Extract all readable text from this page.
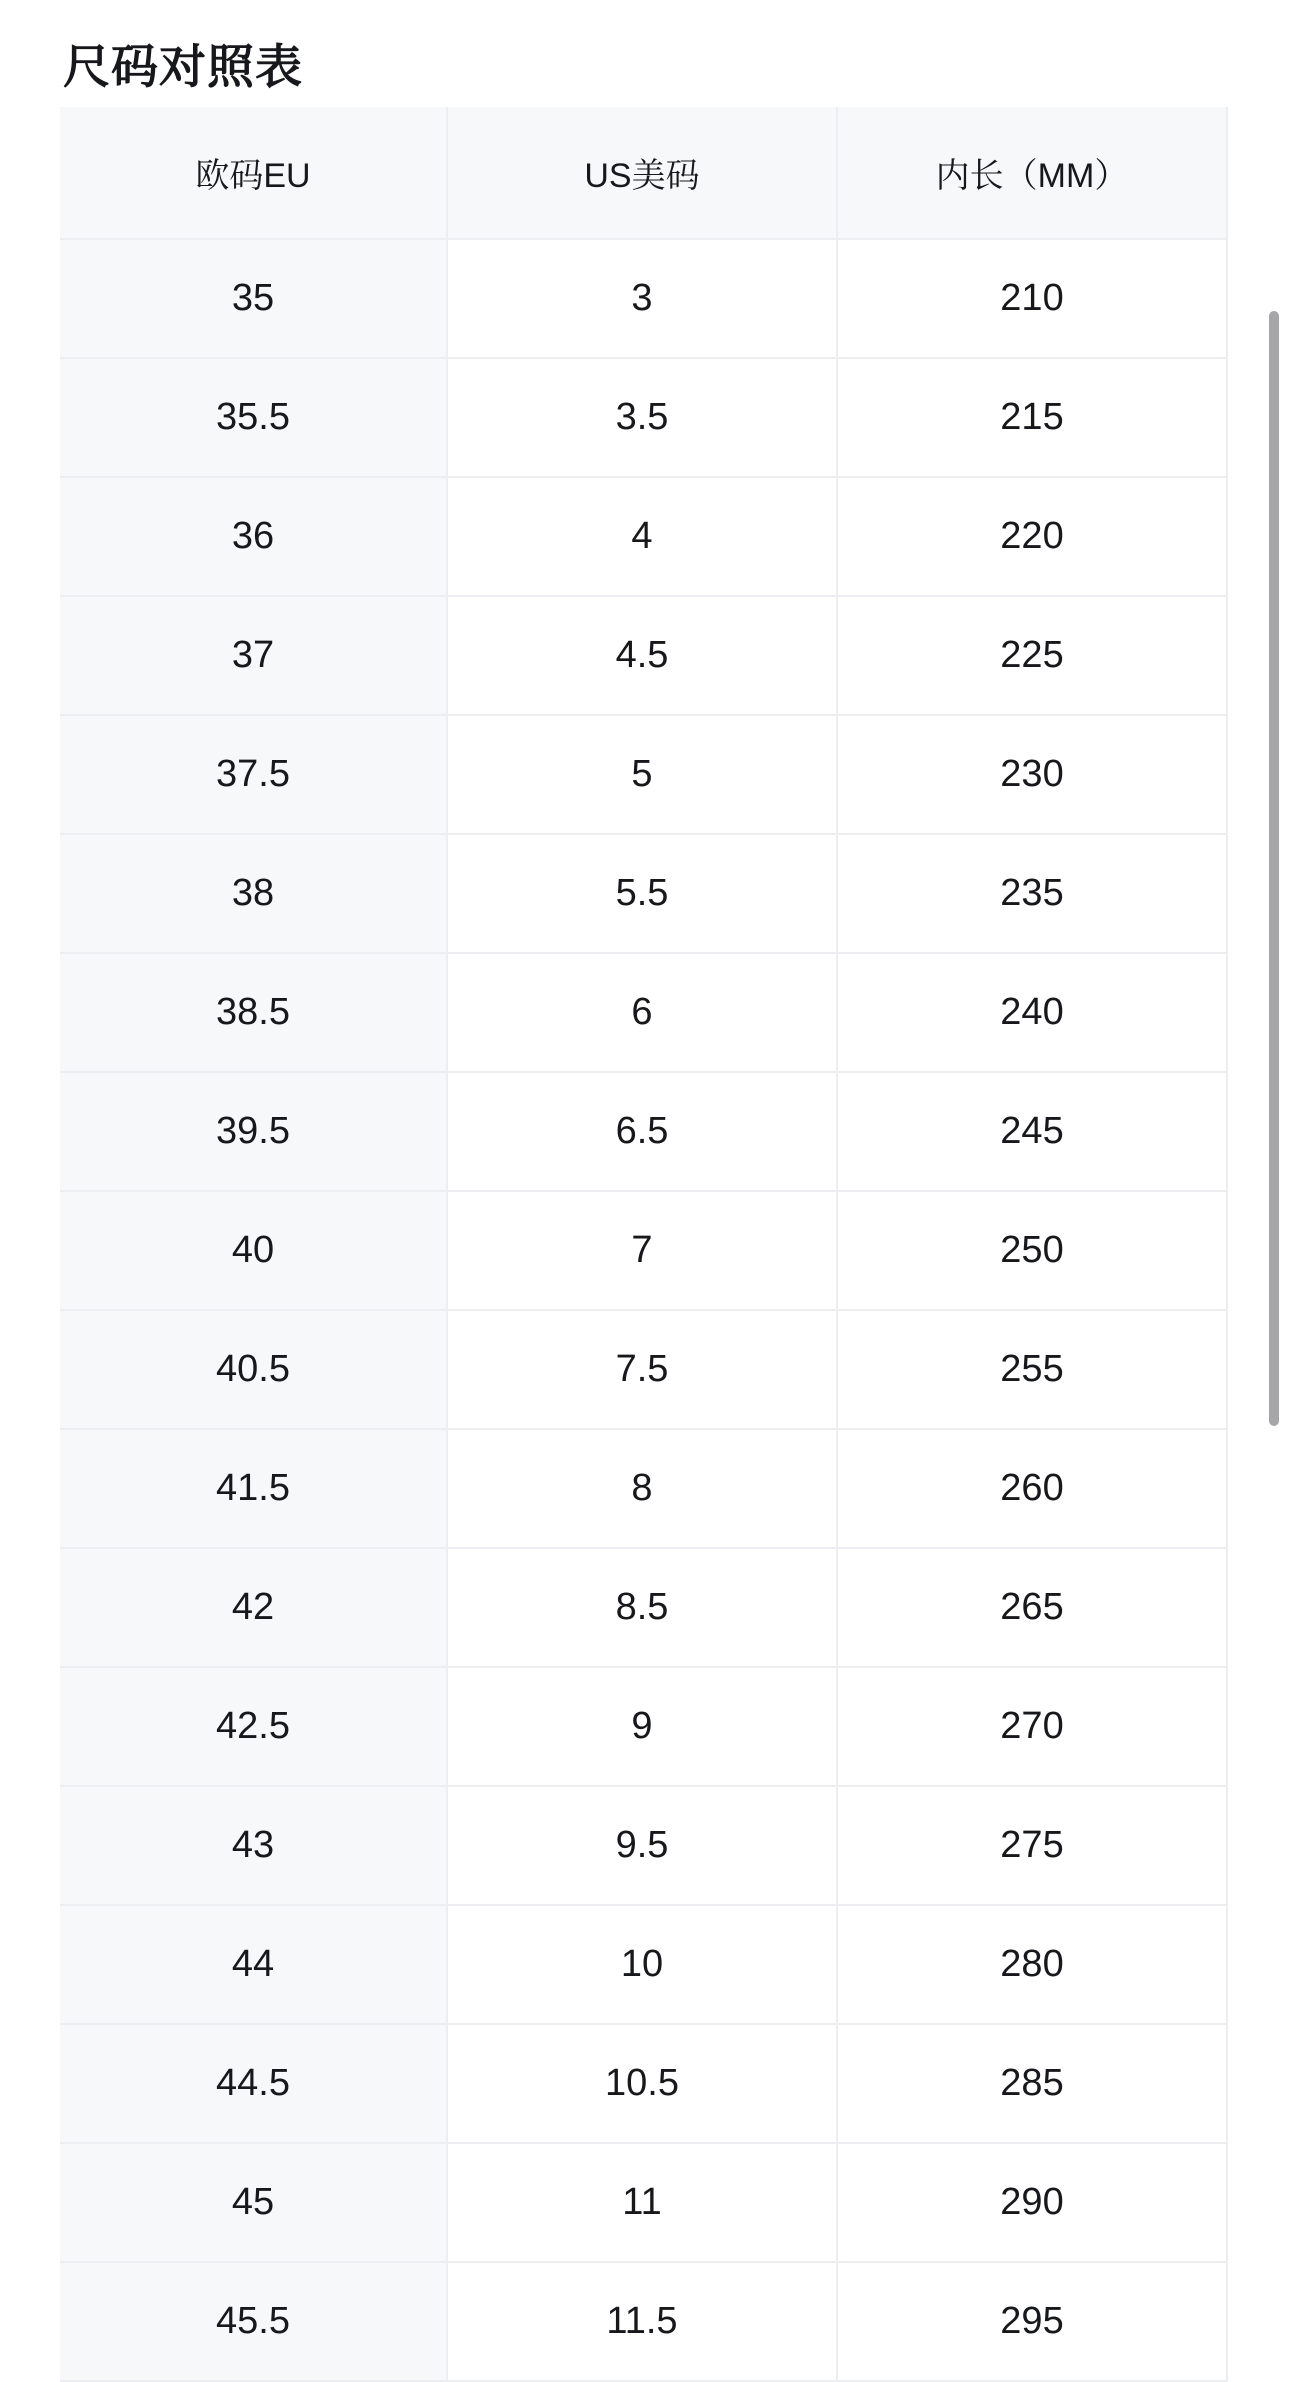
尺码对照表
欧码EU	US美码	内长（MM）
35	3	210
35.5	3.5	215
36	4	220
37	4.5	225
37.5	5	230
38	5.5	235
38.5	6	240
39.5	6.5	245
40	7	250
40.5	7.5	255
41.5	8	260
42	8.5	265
42.5	9	270
43	9.5	275
44	10	280
44.5	10.5	285
45	11	290
45.5	11.5	295
